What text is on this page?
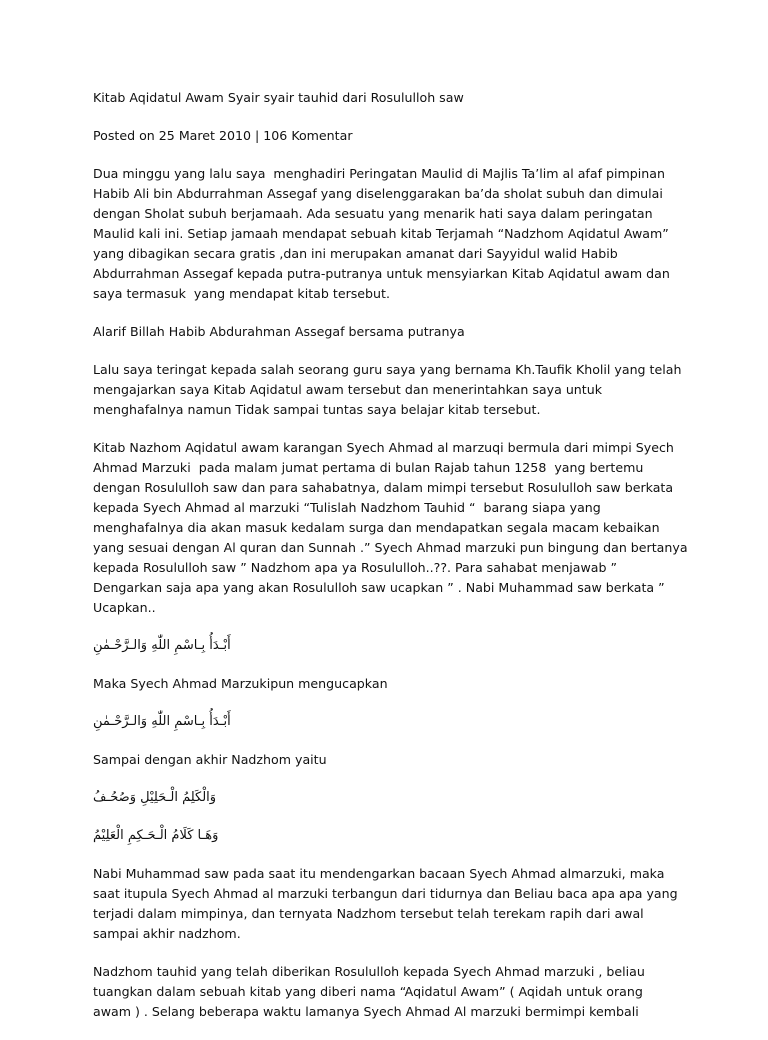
Kitab Aqidatul Awam Syair syair tauhid dari Rosululloh saw

Posted on 25 Maret 2010 | 106 Komentar

Dua minggu yang lalu saya  menghadiri Peringatan Maulid di Majlis Ta’lim al afaf pimpinan
Habib Ali bin Abdurrahman Assegaf yang diselenggarakan ba’da sholat subuh dan dimulai
dengan Sholat subuh berjamaah. Ada sesuatu yang menarik hati saya dalam peringatan
Maulid kali ini. Setiap jamaah mendapat sebuah kitab Terjamah “Nadzhom Aqidatul Awam”
yang dibagikan secara gratis ,dan ini merupakan amanat dari Sayyidul walid Habib
Abdurrahman Assegaf kepada putra-putranya untuk mensyiarkan Kitab Aqidatul awam dan
saya termasuk  yang mendapat kitab tersebut.

Alarif Billah Habib Abdurahman Assegaf bersama putranya

Lalu saya teringat kepada salah seorang guru saya yang bernama Kh.Taufik Kholil yang telah
mengajarkan saya Kitab Aqidatul awam tersebut dan menerintahkan saya untuk
menghafalnya namun Tidak sampai tuntas saya belajar kitab tersebut.

Kitab Nazhom Aqidatul awam karangan Syech Ahmad al marzuqi bermula dari mimpi Syech
Ahmad Marzuki  pada malam jumat pertama di bulan Rajab tahun 1258  yang bertemu
dengan Rosululloh saw dan para sahabatnya, dalam mimpi tersebut Rosululloh saw berkata
kepada Syech Ahmad al marzuki “Tulislah Nadzhom Tauhid “  barang siapa yang
menghafalnya dia akan masuk kedalam surga dan mendapatkan segala macam kebaikan
yang sesuai dengan Al quran dan Sunnah .” Syech Ahmad marzuki pun bingung dan bertanya
kepada Rosululloh saw ” Nadzhom apa ya Rosululloh..??. Para sahabat menjawab ”
Dengarkan saja apa yang akan Rosululloh saw ucapkan ” . Nabi Muhammad saw berkata ”
Ucapkan..

أَبْـدَأُ بِـاسْمِ اللّٰهِ وَالـرَّحْـمٰنِ

Maka Syech Ahmad Marzukipun mengucapkan

أَبْـدَأُ بِـاسْمِ اللّٰهِ وَالـرَّحْـمٰنِ

Sampai dengan akhir Nadzhom yaitu

وَالْكَلِمُ الْـحَلِيْلِ وَصُحُـفُ
وَهَـا كَلَامُ الْـحَـكِمِ الْعَلِيْمُ

Nabi Muhammad saw pada saat itu mendengarkan bacaan Syech Ahmad almarzuki, maka
saat itupula Syech Ahmad al marzuki terbangun dari tidurnya dan Beliau baca apa apa yang
terjadi dalam mimpinya, dan ternyata Nadzhom tersebut telah terekam rapih dari awal
sampai akhir nadzhom.

Nadzhom tauhid yang telah diberikan Rosululloh kepada Syech Ahmad marzuki , beliau
tuangkan dalam sebuah kitab yang diberi nama “Aqidatul Awam” ( Aqidah untuk orang
awam ) . Selang beberapa waktu lamanya Syech Ahmad Al marzuki bermimpi kembali
